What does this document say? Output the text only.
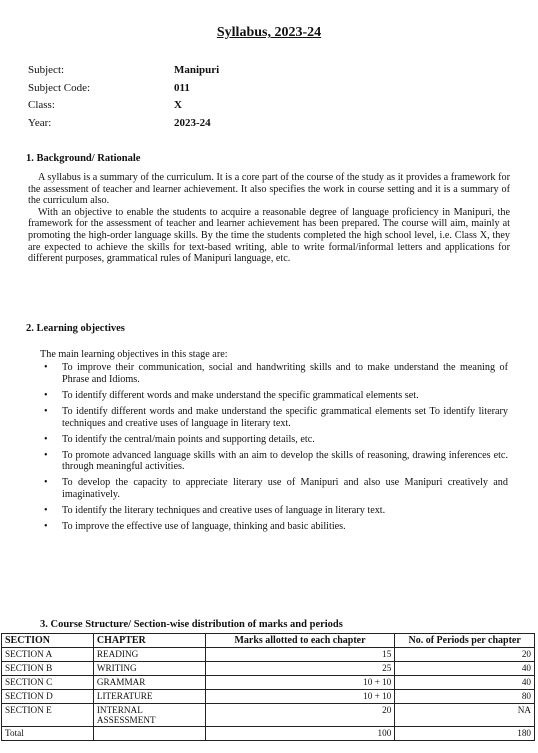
Syllabus, 2023-24
Subject:	Manipuri
Subject Code:	011
Class:	X
Year:	2023-24
1. Background/ Rationale

A syllabus is a summary of the curriculum. It is a core part of the course of the study as it provides a framework for the assessment of teacher and learner achievement. It also specifies the work in course setting and it is a summary of the curriculum also.

With an objective to enable the students to acquire a reasonable degree of language proficiency in Manipuri, the framework for the assessment of teacher and learner achievement has been prepared. The course will aim, mainly at promoting the high-order language skills. By the time the students completed the high school level, i.e. Class X, they are expected to achieve the skills for text-based writing, able to write formal/informal letters and applications for different purposes, grammatical rules of Manipuri language, etc.

2. Learning objectives
The main learning objectives in this stage are:
• To improve their communication, social and handwriting skills and to make understand the meaning of Phrase and Idioms.
• To identify different words and make understand the specific grammatical elements set.
• To identify different words and make understand the specific grammatical elements set To identify literary techniques and creative uses of language in literary text.
• To identify the central/main points and supporting details, etc.
• To promote advanced language skills with an aim to develop the skills of reasoning, drawing inferences etc. through meaningful activities.
• To develop the capacity to appreciate literary use of Manipuri and also use Manipuri creatively and imaginatively.
• To identify the literary techniques and creative uses of language in literary text.
• To improve the effective use of language, thinking and basic abilities.
3. Course Structure/ Section-wise distribution of marks and periods
SECTION	CHAPTER	Marks allotted to each chapter	No. of Periods per chapter
SECTION A	READING	15	20
SECTION B	WRITING	25	40
SECTION C	GRAMMAR	10 + 10	40
SECTION D	LITERATURE	10 + 10	80
SECTION E	INTERNAL ASSESSMENT	20	NA
Total		100	180
